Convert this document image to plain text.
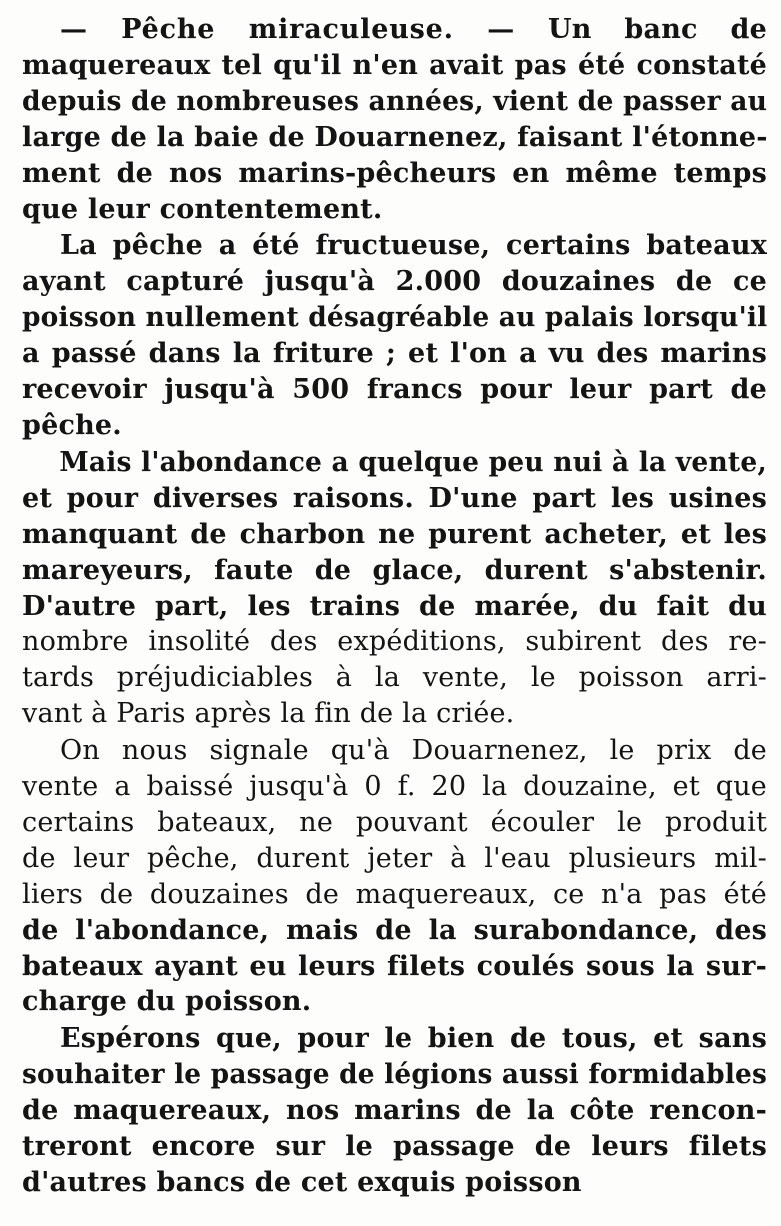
— Pêche miraculeuse. — Un banc de
maquereaux tel qu'il n'en avait pas été constaté
depuis de nombreuses années, vient de passer au
large de la baie de Douarnenez, faisant l'étonne-
ment de nos marins-pêcheurs en même temps
que leur contentement.
La pêche a été fructueuse, certains bateaux
ayant capturé jusqu'à 2.000 douzaines de ce
poisson nullement désagréable au palais lorsqu'il
a passé dans la friture ; et l'on a vu des marins
recevoir jusqu'à 500 francs pour leur part de
pêche.
Mais l'abondance a quelque peu nui à la vente,
et pour diverses raisons. D'une part les usines
manquant de charbon ne purent acheter, et les
mareyeurs, faute de glace, durent s'abstenir.
D'autre part, les trains de marée, du fait du
nombre insolité des expéditions, subirent des re-
tards préjudiciables à la vente, le poisson arri-
vant à Paris après la fin de la criée.
On nous signale qu'à Douarnenez, le prix de
vente a baissé jusqu'à 0 f. 20 la douzaine, et que
certains bateaux, ne pouvant écouler le produit
de leur pêche, durent jeter à l'eau plusieurs mil-
liers de douzaines de maquereaux, ce n'a pas été
de l'abondance, mais de la surabondance, des
bateaux ayant eu leurs filets coulés sous la sur-
charge du poisson.
Espérons que, pour le bien de tous, et sans
souhaiter le passage de légions aussi formidables
de maquereaux, nos marins de la côte rencon-
treront encore sur le passage de leurs filets
d'autres bancs de cet exquis poisson
